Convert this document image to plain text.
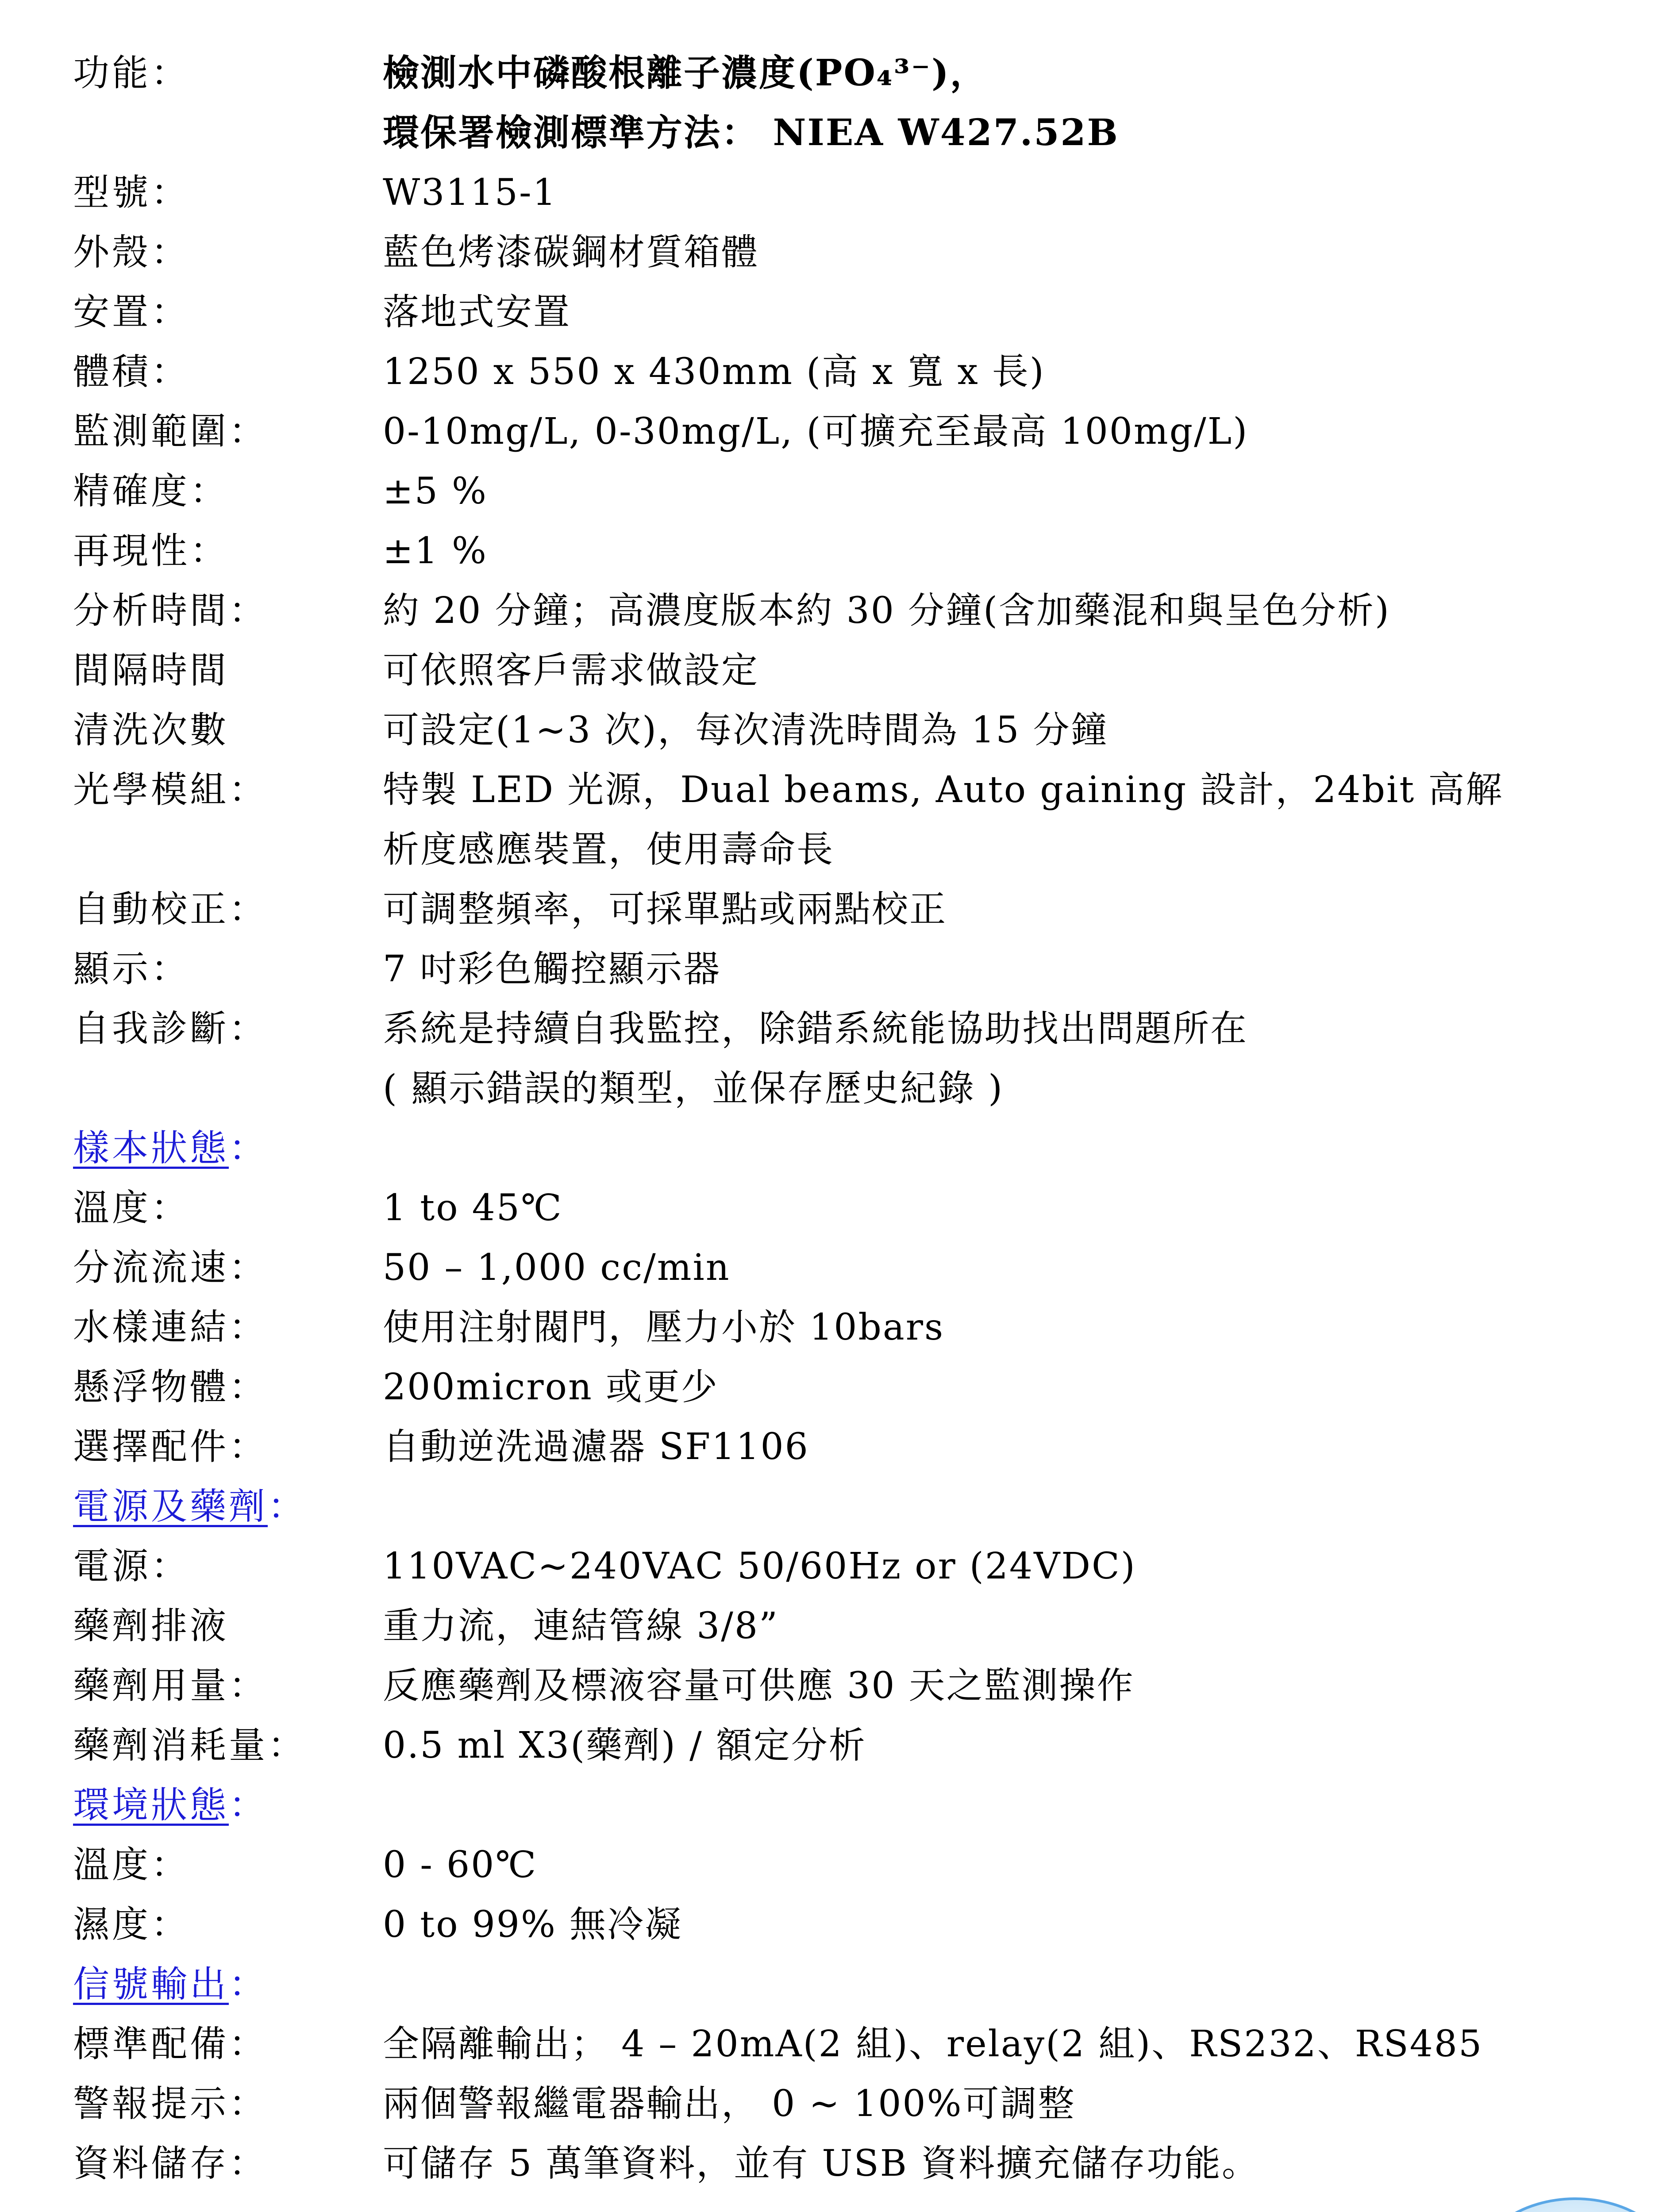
功能：	檢測水中磷酸根離子濃度(PO₄³⁻)，
環保署檢測標準方法： NIEA W427.52B
型號：	W3115-1
外殼：	藍色烤漆碳鋼材質箱體
安置：	落地式安置
體積：	1250 x 550 x 430mm (高 x 寬 x 長)
監測範圍：	0-10mg/L, 0-30mg/L, (可擴充至最高 100mg/L)
精確度：	±5 %
再現性：	±1 %
分析時間：	約 20 分鐘；高濃度版本約 30 分鐘(含加藥混和與呈色分析)
間隔時間	可依照客戶需求做設定
清洗次數	可設定(1~3 次)，每次清洗時間為 15 分鐘
光學模組：	特製 LED 光源，Dual beams, Auto gaining 設計，24bit 高解
析度感應裝置，使用壽命長
自動校正：	可調整頻率，可採單點或兩點校正
顯示：	7 吋彩色觸控顯示器
自我診斷：	系統是持續自我監控，除錯系統能協助找出問題所在
( 顯示錯誤的類型，並保存歷史紀錄 )
樣本狀態：
溫度：	1 to 45℃
分流流速：	50 – 1,000 cc/min
水樣連結：	使用注射閥門，壓力小於 10bars
懸浮物體：	200micron 或更少
選擇配件：	自動逆洗過濾器 SF1106
電源及藥劑：
電源：	110VAC~240VAC 50/60Hz or (24VDC)
藥劑排液	重力流，連結管線 3/8”
藥劑用量：	反應藥劑及標液容量可供應 30 天之監測操作
藥劑消耗量：	0.5 ml X3(藥劑) / 額定分析
環境狀態：
溫度：	0 - 60℃
濕度：	0 to 99% 無冷凝
信號輸出：
標準配備：	全隔離輸出； 4 – 20mA(2 組)、relay(2 組)、RS232、RS485
警報提示：	兩個警報繼電器輸出， 0 ~ 100%可調整
資料儲存：	可儲存 5 萬筆資料，並有 USB 資料擴充儲存功能。
